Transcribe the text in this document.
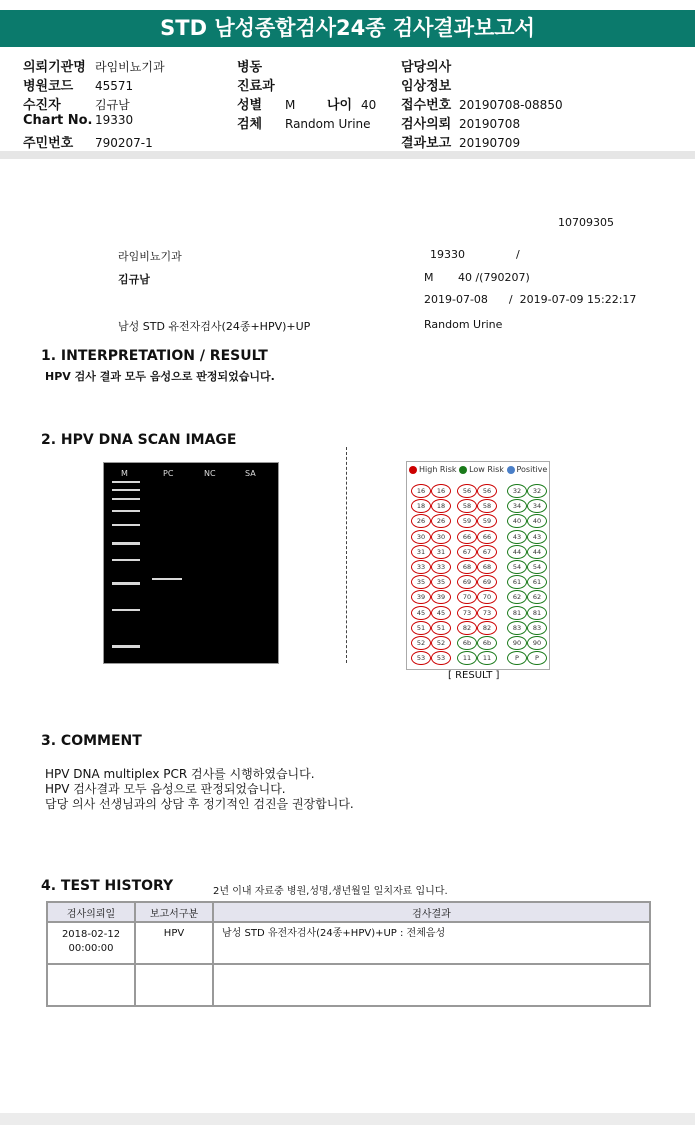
STD 남성종합검사24종 검사결과보고서
의뢰기관명 라임비뇨기과
병원코드 45571
수진자	김규남
Chart No. 19330
주민번호 790207-1
병동
진료과
성별 M 나이 40
검체 Random Urine
담당의사
임상정보
접수번호 20190708-08850
검사의뢰 20190708
결과보고 20190709
10709305
라임비뇨기과	19330	/
김규남	M       40 /(790207)
2019-07-08      /  2019-07-09 15:22:17
남성 STD 유전자검사(24종+HPV)+UP	Random Urine
1. INTERPRETATION / RESULT
HPV 검사 결과 모두 음성으로 판정되었습니다.
2. HPV DNA SCAN IMAGE
M	PC	NC	SA	High Risk Low Risk Positive
16	16	56	56	32	32
18	18	58	58	34	34
26	26	59	59	40	40
30	30	66	66	43	43
31	31	67	67	44	44
33	33	68	68	54	54
35	35	69	69	61	61
39	39	70	70	62	62
45	45	73	73	81	81
51	51	82	82	83	83
52	52	6b	6b	90	90
53	53	11	11	P	P
[ RESULT ]
3. COMMENT
HPV DNA multiplex PCR 검사를 시행하였습니다.
HPV 검사결과 모두 음성으로 판정되었습니다.
담당 의사 선생님과의 상담 후 정기적인 검진을 권장합니다.
4. TEST HISTORY	2년 이내 자료중 병원,성명,생년월일 일치자료 입니다.
검사의뢰일	보고서구분	검사결과

2018-02-12
00:00:00	HPV	남성 STD 유전자검사(24종+HPV)+UP : 전체음성
